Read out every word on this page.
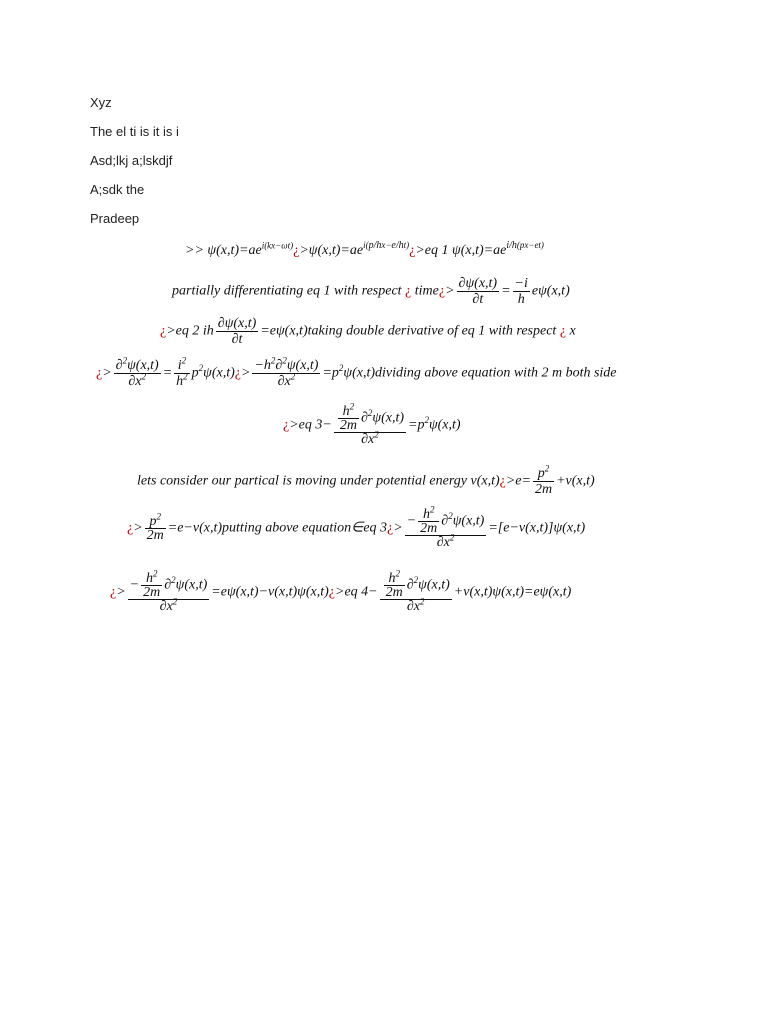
Xyz
The el ti is it is i
Asd;lkj a;lskdjf
A;sdk the
Pradeep
>> $\psi(x,t)=ae^{i(kx-\omega t)}¿>\psi(x,t)=ae^{i(p/hx-e/ht)}¿>eq$ 1 $\psi(x,t)=ae^{i/h(px-et)}$
partially differentiating eq 1 with respect ¿ time¿> $\frac{\partial\psi(x,t)}{\partial t} = \frac{-i}{h} e\psi(x,t)$
¿>eq 2 ih $\frac{\partial\psi(x,t)}{\partial t}$ =eψ(x,t)taking double derivative of eq 1 with respect ¿ x
¿> $\frac{\partial^2\psi(x,t)}{\partial x^2} = \frac{i^2}{h^2}$ $p^2\psi(x,t)¿> \frac{-h^2\partial^2\psi(x,t)}{\partial x^2}$ $=p^2\psi(x,t)dividing$ above equation with 2 m both side
¿>eq $3- \frac{\frac{h^2}{2m} \partial^2\psi(x,t)}{\partial x^2} =p^2\psi(x,t)$
lets consider our partical is moving under potential energy v(x,t)¿>e= $\frac{p^2}{2m} +v(x,t)$
¿> $\frac{p^2}{2m}$ =e−v(x,t)putting above equation∈eq 3¿> $\frac{- \frac{h^2}{2m} \partial^2\psi(x,t)}{\partial x^2} =[e-v(x,t)]\psi(x,t)$
¿> $\frac{- \frac{h^2}{2m} \partial^2\psi(x,t)}{\partial x^2}$ =eψ(x,t)−v(x,t)ψ(x,t)¿>eq $4- \frac{\frac{h^2}{2m} \partial^2\psi(x,t)}{\partial x^2} +v(x,t)\psi(x,t)=e\psi(x,t)$
